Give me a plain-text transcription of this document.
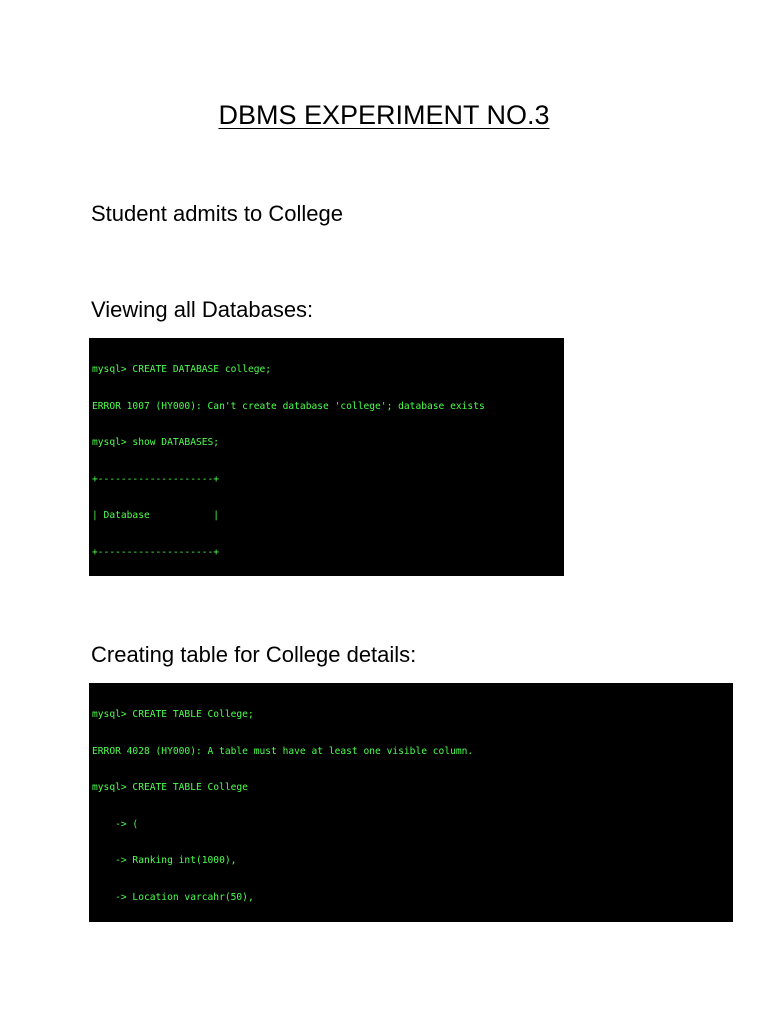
DBMS EXPERIMENT NO.3
Student admits to College
Viewing all Databases:

mysql> CREATE DATABASE college;

ERROR 1007 (HY000): Can't create database 'college'; database exists

mysql> show DATABASES;

+--------------------+

| Database           |

+--------------------+

Creating table for College details:

mysql> CREATE TABLE College;

ERROR 4028 (HY000): A table must have at least one visible column.

mysql> CREATE TABLE College

-> (

-> Ranking int(1000),

-> Location varcahr(50),
